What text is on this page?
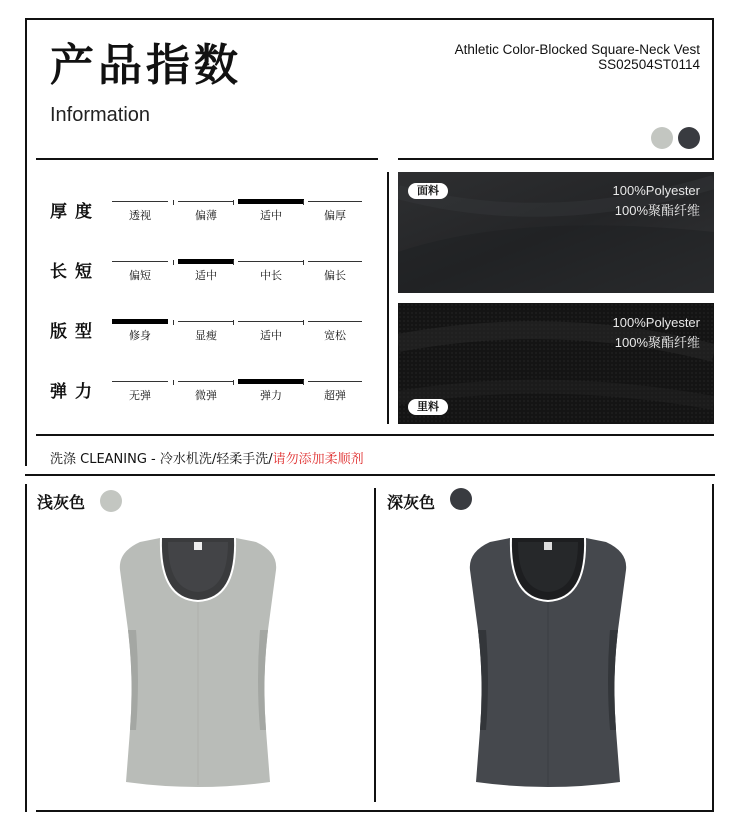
产品指数
Information
Athletic Color-Blocked Square-Neck Vest
SS02504ST0114
厚度	透视	偏薄	适中	偏厚
长短	偏短	适中	中长	偏长
版型	修身	显瘦	适中	宽松
弹力	无弹	微弹	弹力	超弹
面料	100%Polyester
100%聚酯纤维
里料
100%Polyester
100%聚酯纤维
洗涤 CLEANING - 冷水机洗/轻柔手洗/请勿添加柔顺剂
浅灰色	深灰色
